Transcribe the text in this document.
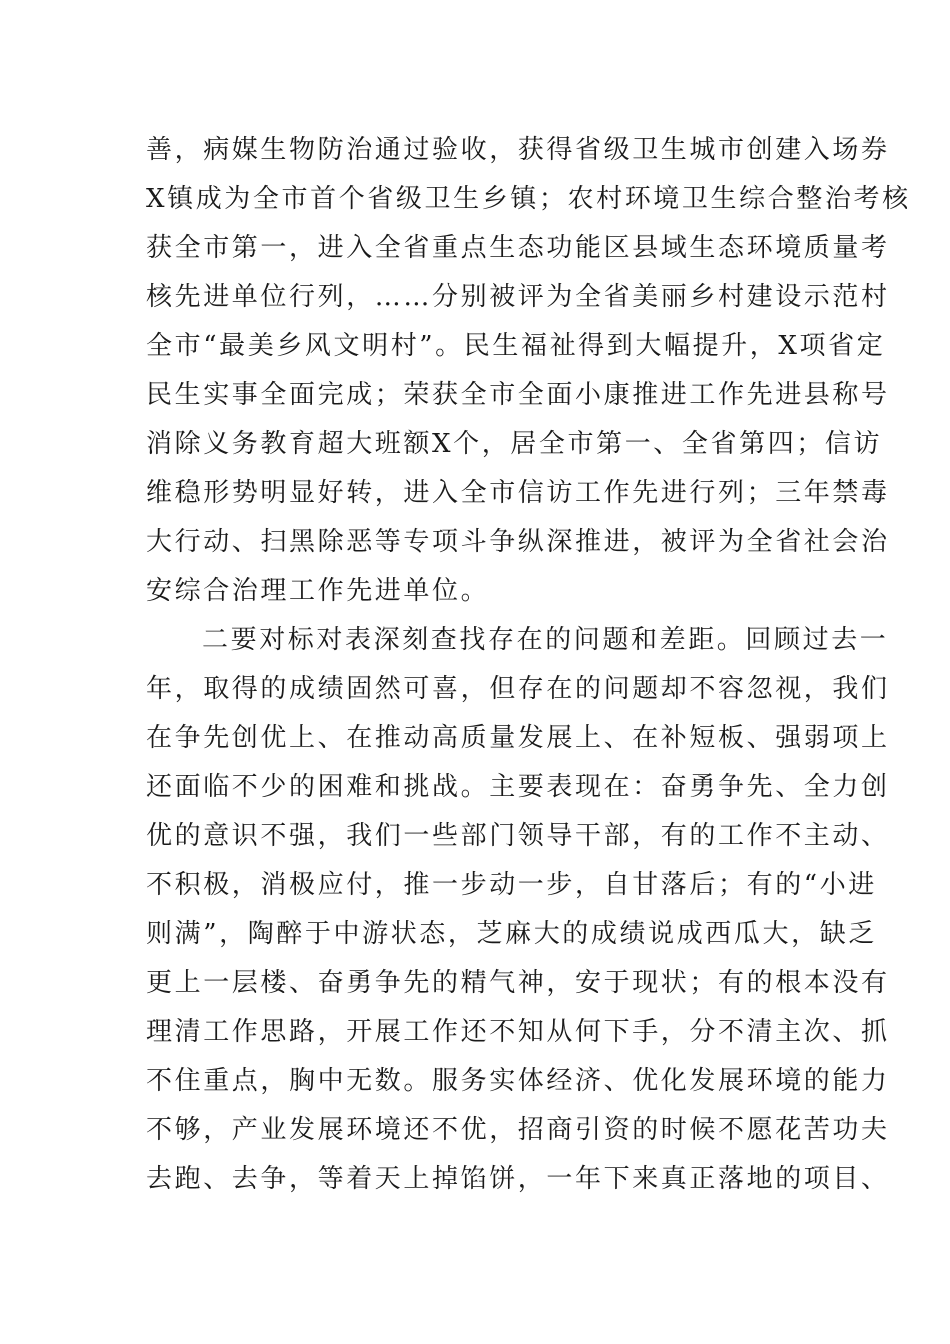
善，病媒生物防治通过验收，获得省级卫生城市创建入场券
X镇成为全市首个省级卫生乡镇；农村环境卫生综合整治考核
获全市第一，进入全省重点生态功能区县域生态环境质量考
核先进单位行列，……分别被评为全省美丽乡村建设示范村
全市“最美乡风文明村”。民生福祉得到大幅提升，X项省定
民生实事全面完成；荣获全市全面小康推进工作先进县称号
消除义务教育超大班额X个，居全市第一、全省第四；信访
维稳形势明显好转，进入全市信访工作先进行列；三年禁毒
大行动、扫黑除恶等专项斗争纵深推进，被评为全省社会治
安综合治理工作先进单位。
二要对标对表深刻查找存在的问题和差距。回顾过去一
年，取得的成绩固然可喜，但存在的问题却不容忽视，我们
在争先创优上、在推动高质量发展上、在补短板、强弱项上
还面临不少的困难和挑战。主要表现在：奋勇争先、全力创
优的意识不强，我们一些部门领导干部，有的工作不主动、
不积极，消极应付，推一步动一步，自甘落后；有的“小进
则满”，陶醉于中游状态，芝麻大的成绩说成西瓜大，缺乏
更上一层楼、奋勇争先的精气神，安于现状；有的根本没有
理清工作思路，开展工作还不知从何下手，分不清主次、抓
不住重点，胸中无数。服务实体经济、优化发展环境的能力
不够，产业发展环境还不优，招商引资的时候不愿花苦功夫
去跑、去争，等着天上掉馅饼，一年下来真正落地的项目、
